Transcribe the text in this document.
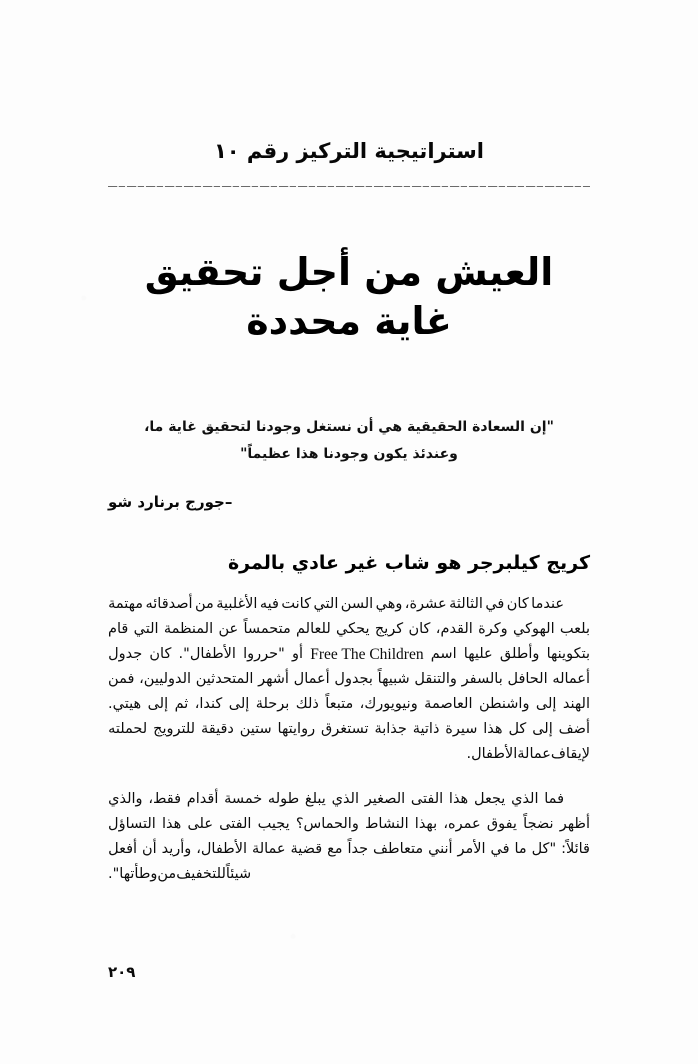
استراتيجية التركيز رقم ١٠
العيش من أجل تحقيق
غاية محددة
"إن السعادة الحقيقية هي أن نستغل وجودنا لتحقيق غاية ما،
وعندئذ يكون وجودنا هذا عظيماً"
–جورج برنارد شو
كريج كيلبرجر هو شاب غير عادي بالمرة
عندما
كان
في
الثالثة
عشرة،
وهي
السن
التي
كانت
فيه
الأغلبية
من
أصدقائه
مهتمة
بلعب
الهوكي
وكرة
القدم،
كان
كريج
يحكي
للعالم
متحمساً
عن
المنظمة
التي
قام
بتكوينها
وأطلق
عليها
اسم
Free The Children
أو
"حرروا
الأطفال".
كان
جدول
أعماله
الحافل
بالسفر
والتنقل
شبيهاً
بجدول
أعمال
أشهر
المتحدثين
الدوليين،
فمن
الهند
إلى
واشنطن
العاصمة
ونيويورك،
متبعاً
ذلك
برحلة
إلى
كندا،
ثم
إلى
هيتي.
أضف
إلى
كل
هذا
سيرة
ذاتية
جذابة
تستغرق
روايتها
ستين
دقيقة
للترويج
لحملته
لإيقاف
عمالة
الأطفال.
فما
الذي
يجعل
هذا
الفتى
الصغير
الذي
يبلغ
طوله
خمسة
أقدام
فقط،
والذي
أظهر
نضجاً
يفوق
عمره،
بهذا
النشاط
والحماس؟
يجيب
الفتى
على
هذا
التساؤل
قائلاً:
"كل
ما
في
الأمر
أنني
متعاطف
جداً
مع
قضية
عمالة
الأطفال،
وأريد
أن
أفعل
شيئاً
للتخفيف
من
وطأتها".
٢٠٩
